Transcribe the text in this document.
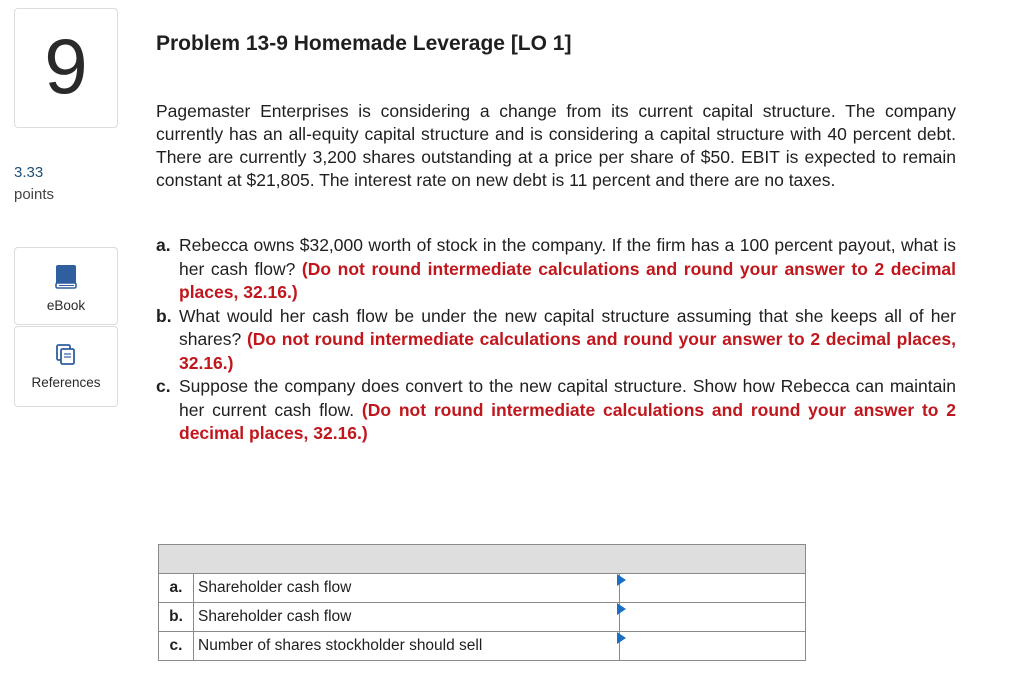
9
3.33
points
eBook
References
Problem 13-9 Homemade Leverage [LO 1]
Pagemaster Enterprises is considering a change from its current capital structure. The company currently has an all-equity capital structure and is considering a capital structure with 40 percent debt. There are currently 3,200 shares outstanding at a price per share of $50. EBIT is expected to remain constant at $21,805. The interest rate on new debt is 11 percent and there are no taxes.
a. Rebecca owns $32,000 worth of stock in the company. If the firm has a 100 percent payout, what is her cash flow? (Do not round intermediate calculations and round your answer to 2 decimal places, 32.16.)
b. What would her cash flow be under the new capital structure assuming that she keeps all of her shares? (Do not round intermediate calculations and round your answer to 2 decimal places, 32.16.)
c. Suppose the company does convert to the new capital structure. Show how Rebecca can maintain her current cash flow. (Do not round intermediate calculations and round your answer to 2 decimal places, 32.16.)

a.	Shareholder cash flow	

b.	Shareholder cash flow	

c.	Number of shares stockholder should sell	
